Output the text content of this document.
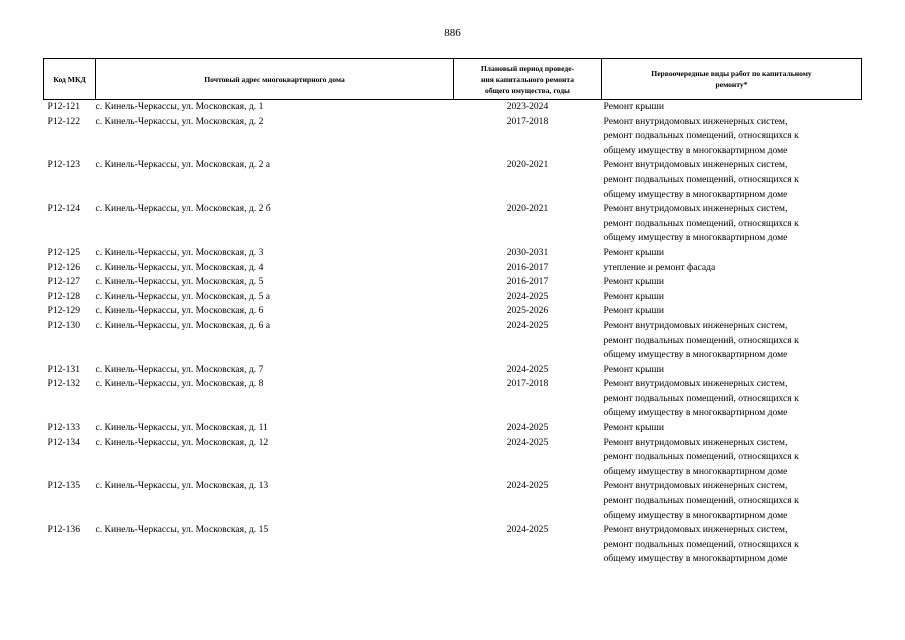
886
Код МКД	Почтовый адрес многоквартирного дома	Плановый период проведе-
ния капитального ремонта
общего имущества, годы	Первоочередные виды работ по капитальному
ремонту*

Р12-121	с. Кинель-Черкассы, ул. Московская, д. 1	2023-2024	Ремонт крыши

Р12-122	с. Кинель-Черкассы, ул. Московская, д. 2	2017-2018	Ремонт внутридомовых инженерных систем,
ремонт подвальных помещений, относящихся к
общему имуществу в многоквартирном доме

Р12-123	с. Кинель-Черкассы, ул. Московская, д. 2 а	2020-2021	Ремонт внутридомовых инженерных систем,
ремонт подвальных помещений, относящихся к
общему имуществу в многоквартирном доме

Р12-124	с. Кинель-Черкассы, ул. Московская, д. 2 б	2020-2021	Ремонт внутридомовых инженерных систем,
ремонт подвальных помещений, относящихся к
общему имуществу в многоквартирном доме

Р12-125	с. Кинель-Черкассы, ул. Московская, д. 3	2030-2031	Ремонт крыши

Р12-126	с. Кинель-Черкассы, ул. Московская, д. 4	2016-2017	утепление и ремонт фасада

Р12-127	с. Кинель-Черкассы, ул. Московская, д. 5	2016-2017	Ремонт крыши

Р12-128	с. Кинель-Черкассы, ул. Московская, д. 5 а	2024-2025	Ремонт крыши

Р12-129	с. Кинель-Черкассы, ул. Московская, д. 6	2025-2026	Ремонт крыши

Р12-130	с. Кинель-Черкассы, ул. Московская, д. 6 а	2024-2025	Ремонт внутридомовых инженерных систем,
ремонт подвальных помещений, относящихся к
общему имуществу в многоквартирном доме

Р12-131	с. Кинель-Черкассы, ул. Московская, д. 7	2024-2025	Ремонт крыши

Р12-132	с. Кинель-Черкассы, ул. Московская, д. 8	2017-2018	Ремонт внутридомовых инженерных систем,
ремонт подвальных помещений, относящихся к
общему имуществу в многоквартирном доме

Р12-133	с. Кинель-Черкассы, ул. Московская, д. 11	2024-2025	Ремонт крыши

Р12-134	с. Кинель-Черкассы, ул. Московская, д. 12	2024-2025	Ремонт внутридомовых инженерных систем,
ремонт подвальных помещений, относящихся к
общему имуществу в многоквартирном доме

Р12-135	с. Кинель-Черкассы, ул. Московская, д. 13	2024-2025	Ремонт внутридомовых инженерных систем,
ремонт подвальных помещений, относящихся к
общему имуществу в многоквартирном доме

Р12-136	с. Кинель-Черкассы, ул. Московская, д. 15	2024-2025	Ремонт внутридомовых инженерных систем,
ремонт подвальных помещений, относящихся к
общему имуществу в многоквартирном доме
